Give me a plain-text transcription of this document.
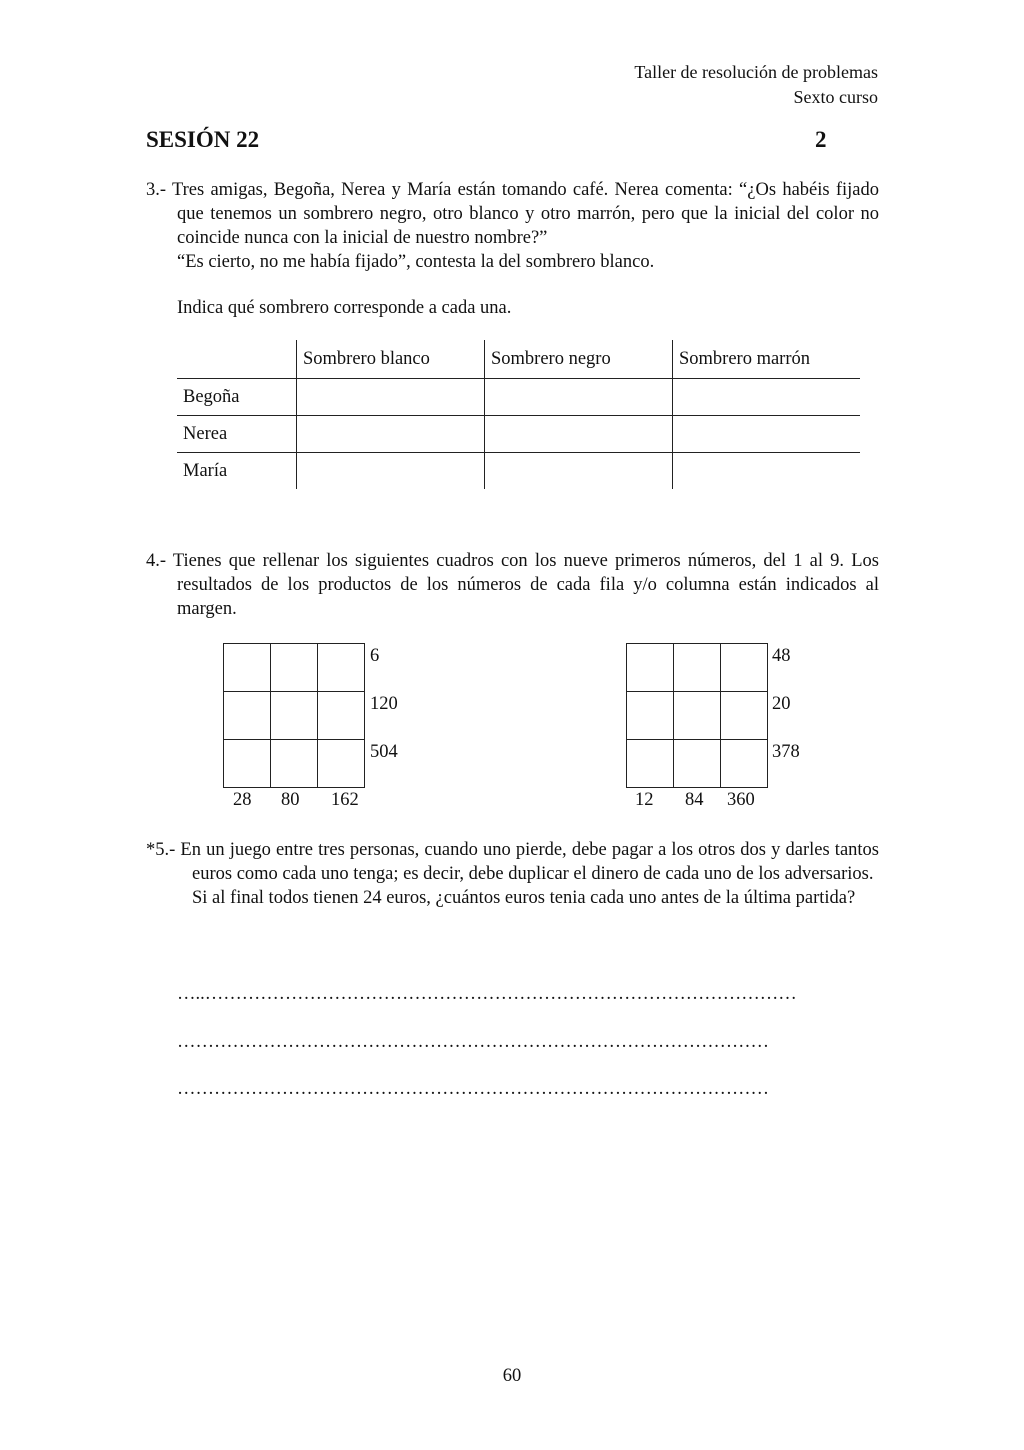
Taller de resolución de problemas
Sexto curso
SESIÓN 22	2

3.- Tres amigas, Begoña, Nerea y María están tomando café. Nerea comenta: “¿Os habéis fijado que tenemos un sombrero negro, otro blanco y otro marrón, pero que la inicial del color no coincide nunca con la inicial de nuestro nombre?”

“Es cierto, no me había fijado”, contesta la del sombrero blanco.

Indica qué sombrero corresponde a cada una.

	Sombrero blanco	Sombrero negro	Sombrero marrón
Begoña			
Nerea			
María			

4.- Tienes que rellenar los siguientes cuadros con los nueve primeros números, del 1 al 9. Los resultados de los productos de los números de cada fila y/o columna están indicados al margen.

6
120
504
28 80 162
48
20
378
12 84 360

*5.- En un juego entre tres personas, cuando uno pierde, debe pagar a los otros dos y darles tantos euros como cada uno tenga; es decir, debe duplicar el dinero de cada uno de los adversarios.

Si al final todos tienen 24 euros, ¿cuántos euros tenia cada uno antes de la última partida?

…..……………………………………………………………………………………
……………………………………………………………………………………
……………………………………………………………………………………
60
